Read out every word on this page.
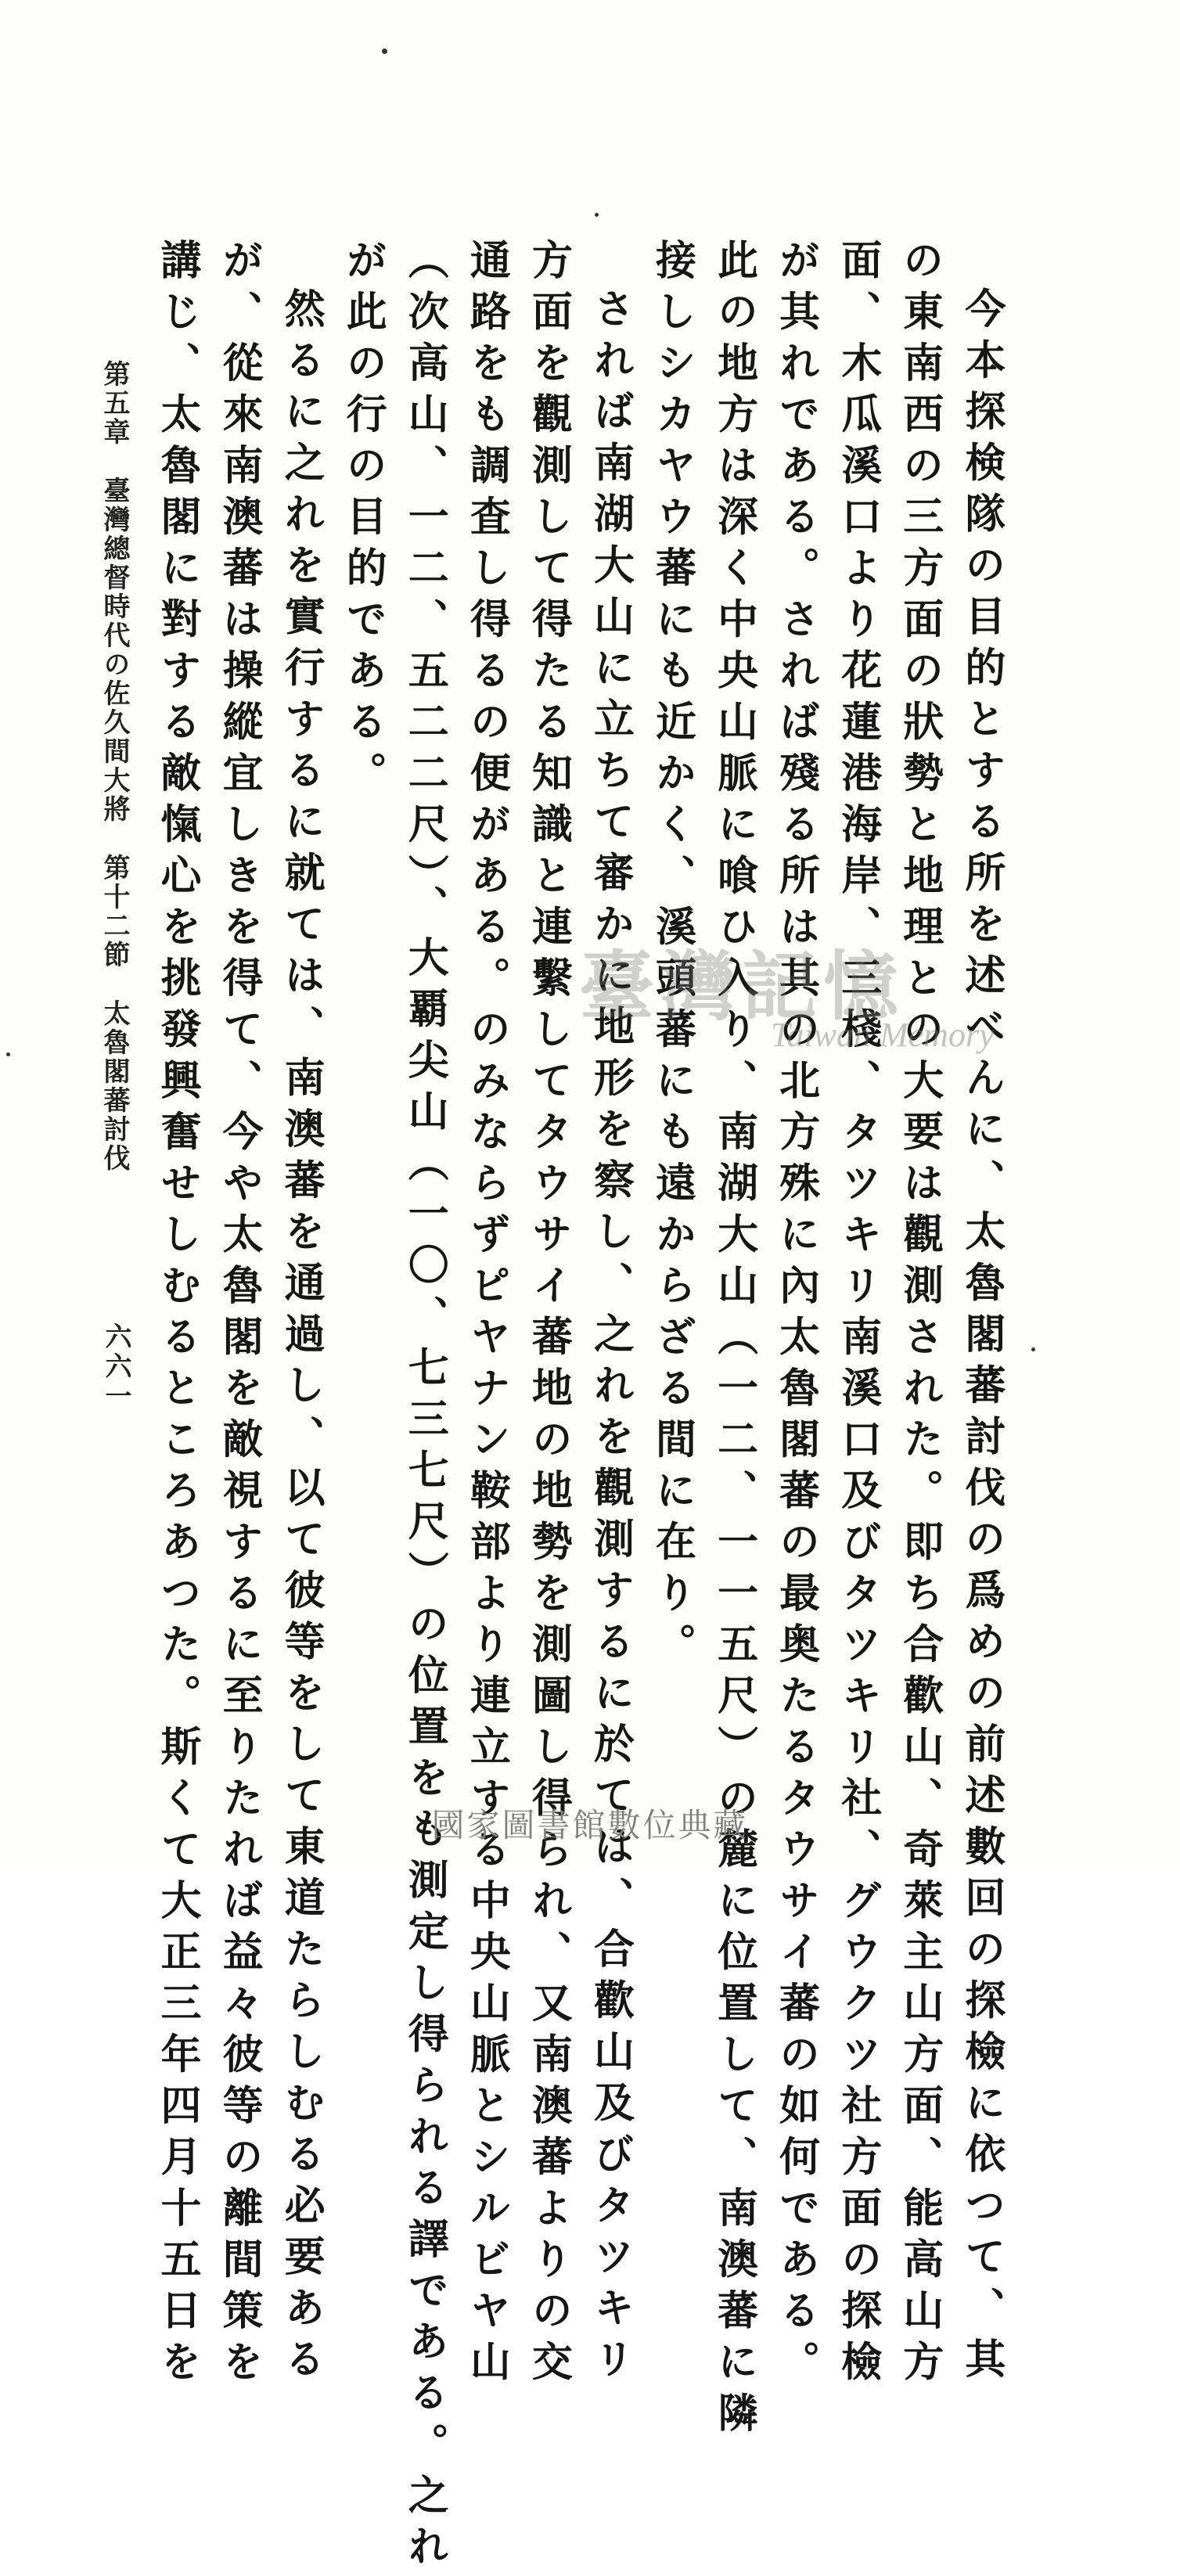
今本探検隊の目的とする所を述べんに、太魯閣蕃討伐の爲めの前述數回の探檢に依つて、其
の東南西の三方面の狀勢と地理との大要は觀測された。即ち合歡山、奇萊主山方面、能高山方
面、木瓜溪口より花蓮港海岸、三棧、タツキリ南溪口及びタツキリ社、グウクツ社方面の探檢
が其れである。されば殘る所は其の北方殊に內太魯閣蕃の最奥たるタウサイ蕃の如何である。
此の地方は深く中央山脈に喰ひ入り、南湖大山（一二、一一五尺）の麓に位置して、南澳蕃に隣
接しシカヤウ蕃にも近かく、溪頭蕃にも遠からざる間に在り。
されば南湖大山に立ちて審かに地形を察し、之れを觀測するに於ては、合歡山及びタツキリ
方面を觀測して得たる知識と連繫してタウサイ蕃地の地勢を測圖し得られ、又南澳蕃よりの交
通路をも調査し得るの便がある。のみならずピヤナン鞍部より連立する中央山脈とシルビヤ山
（次高山、一二、五二二尺）、大覇尖山（一〇、七三七尺）の位置をも測定し得られる譯である。之れ
が此の行の目的である。
然るに之れを實行するに就ては、南澳蕃を通過し、以て彼等をして東道たらしむる必要ある
が、從來南澳蕃は操縱宜しきを得て、今や太魯閣を敵視するに至りたれば益々彼等の離間策を
講じ、太魯閣に對する敵愾心を挑發興奮せしむるところあつた。斯くて大正三年四月十五日を
第五章臺灣總督時代の佐久間大將第十二節太魯閣蕃討伐
六六一
臺灣記憶
Taiwan Memory
國家圖書館數位典藏
